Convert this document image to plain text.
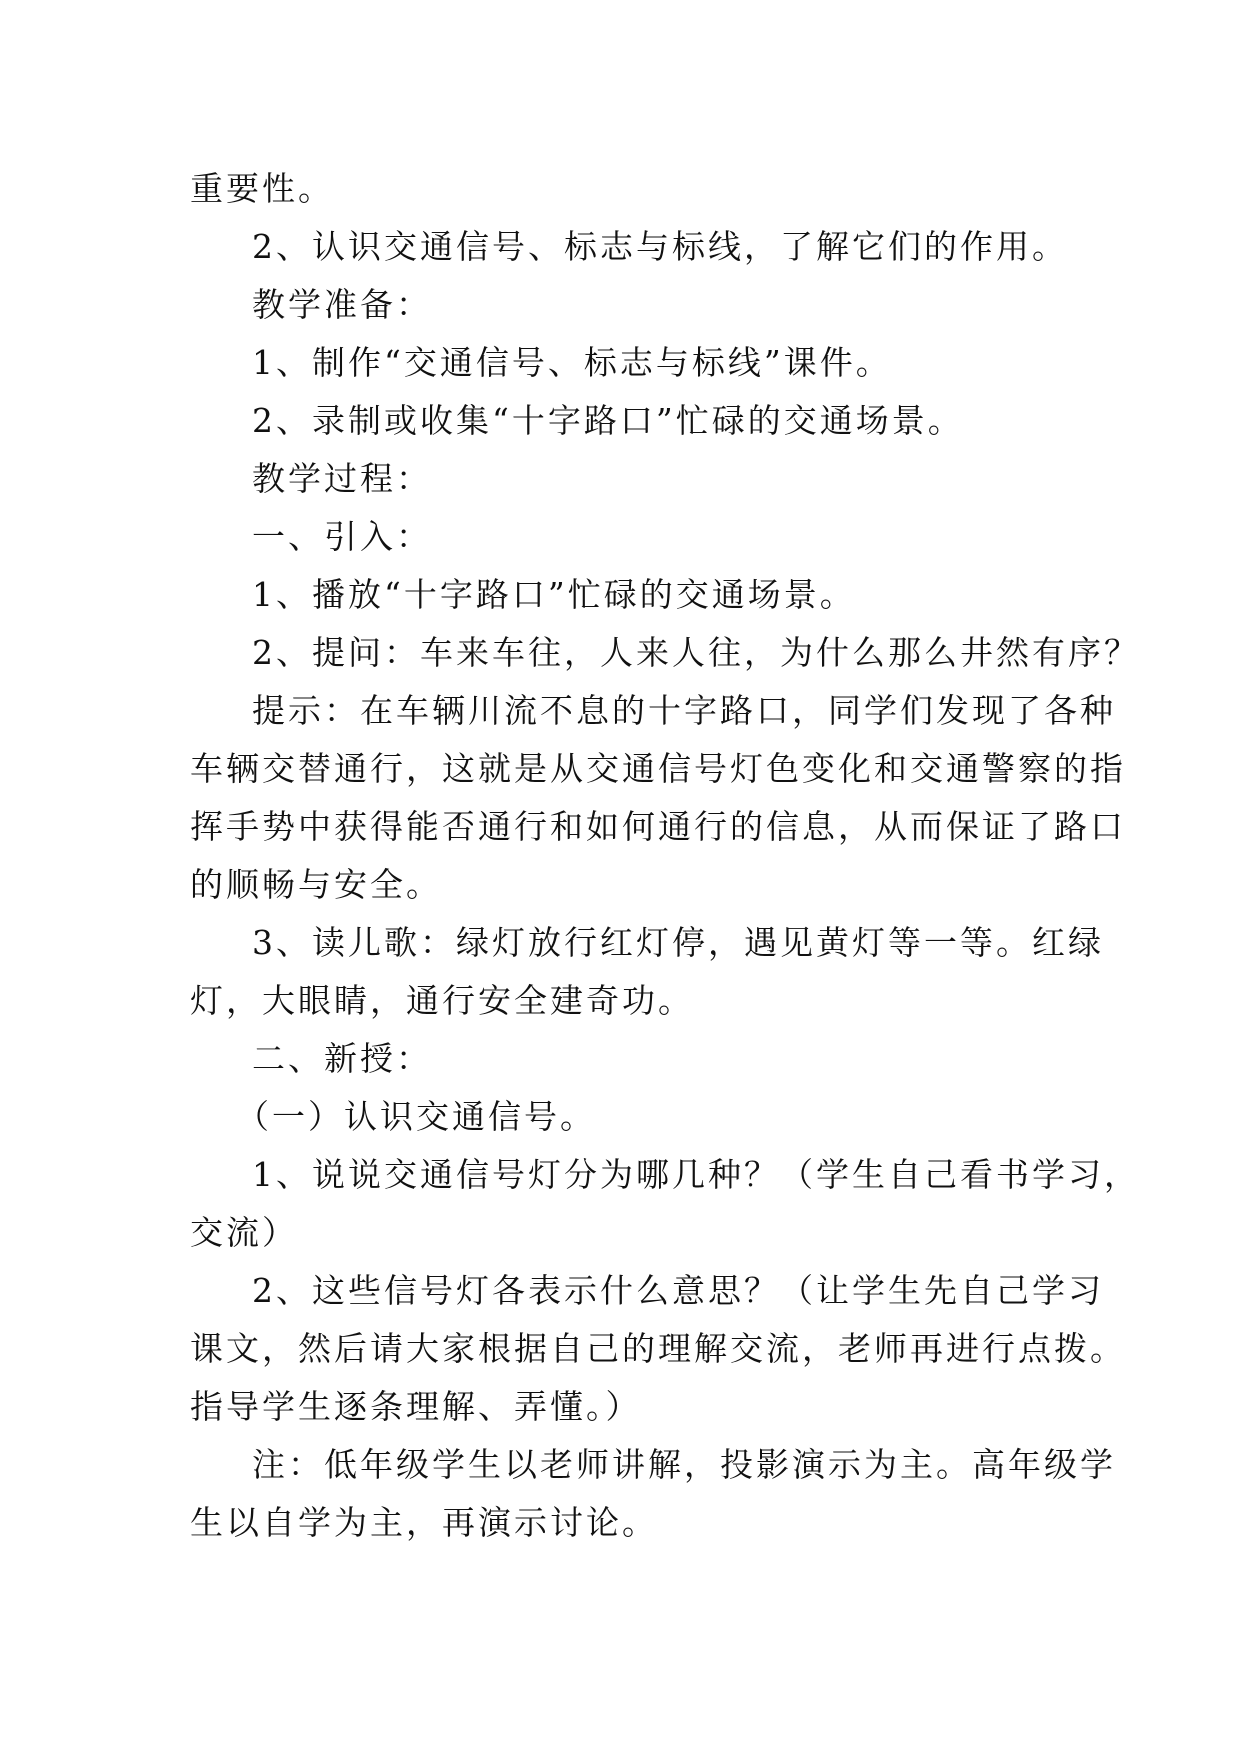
重要性。
2、认识交通信号、标志与标线，了解它们的作用。
教学准备：
1、制作“交通信号、标志与标线”课件。
2、录制或收集“十字路口”忙碌的交通场景。
教学过程：
一、引入：
1、播放“十字路口”忙碌的交通场景。
2、提问：车来车往，人来人往，为什么那么井然有序？
提示：在车辆川流不息的十字路口，同学们发现了各种
车辆交替通行，这就是从交通信号灯色变化和交通警察的指
挥手势中获得能否通行和如何通行的信息，从而保证了路口
的顺畅与安全。
3、读儿歌：绿灯放行红灯停，遇见黄灯等一等。红绿
灯，大眼睛，通行安全建奇功。
二、新授：
（一）认识交通信号。
1、说说交通信号灯分为哪几种？（学生自己看书学习，
交流）
2、这些信号灯各表示什么意思？（让学生先自己学习
课文，然后请大家根据自己的理解交流，老师再进行点拨。
指导学生逐条理解、弄懂。）
注：低年级学生以老师讲解，投影演示为主。高年级学
生以自学为主，再演示讨论。
